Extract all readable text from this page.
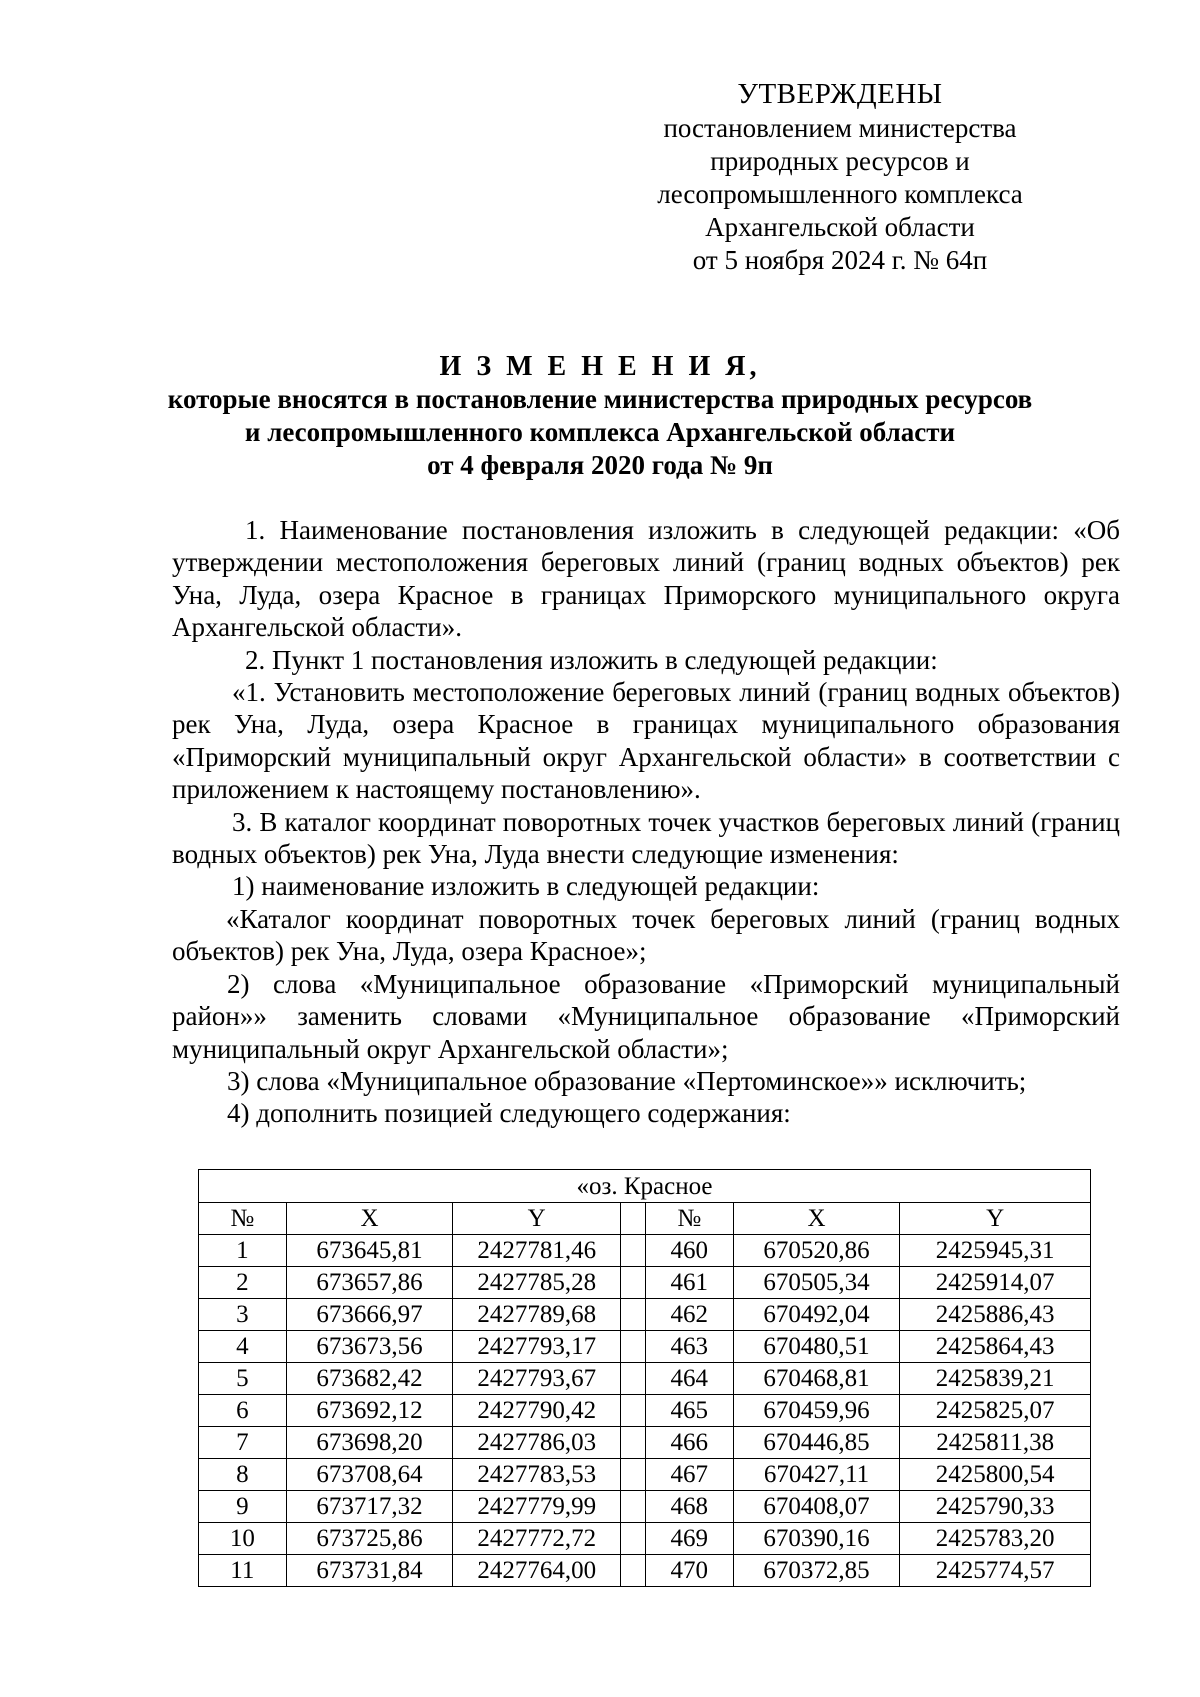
УТВЕРЖДЕНЫ
постановлением министерства
природных ресурсов и
лесопромышленного комплекса
Архангельской области
от 5 ноября 2024 г. № 64п
И З М Е Н Е Н И Я,
которые вносятся в постановление министерства природных ресурсов
и лесопромышленного комплекса Архангельской области
от 4 февраля 2020 года № 9п

1. Наименование постановления изложить в следующей редакции: «Об утверждении местоположения береговых линий (границ водных объектов) рек Уна, Луда, озера Красное в границах Приморского муниципального округа Архангельской области».

2. Пункт 1 постановления изложить в следующей редакции:

«1. Установить местоположение береговых линий (границ водных объектов) рек Уна, Луда, озера Красное в границах муниципального образования «Приморский муниципальный округ Архангельской области» в соответствии с приложением к настоящему постановлению».

3. В каталог координат поворотных точек участков береговых линий (границ водных объектов) рек Уна, Луда внести следующие изменения:

1) наименование изложить в следующей редакции:

«Каталог координат поворотных точек береговых линий (границ водных объектов) рек Уна, Луда, озера Красное»;

2) слова «Муниципальное образование «Приморский муниципальный район»» заменить словами «Муниципальное образование «Приморский муниципальный округ Архангельской области»;

3) слова «Муниципальное образование «Пертоминское»» исключить;

4) дополнить позицией следующего содержания:

«оз. Красное						
№	X	Y		№	X	Y
1	673645,81	2427781,46		460	670520,86	2425945,31
2	673657,86	2427785,28		461	670505,34	2425914,07
3	673666,97	2427789,68		462	670492,04	2425886,43
4	673673,56	2427793,17		463	670480,51	2425864,43
5	673682,42	2427793,67		464	670468,81	2425839,21
6	673692,12	2427790,42		465	670459,96	2425825,07
7	673698,20	2427786,03		466	670446,85	2425811,38
8	673708,64	2427783,53		467	670427,11	2425800,54
9	673717,32	2427779,99		468	670408,07	2425790,33
10	673725,86	2427772,72		469	670390,16	2425783,20
11	673731,84	2427764,00		470	670372,85	2425774,57
